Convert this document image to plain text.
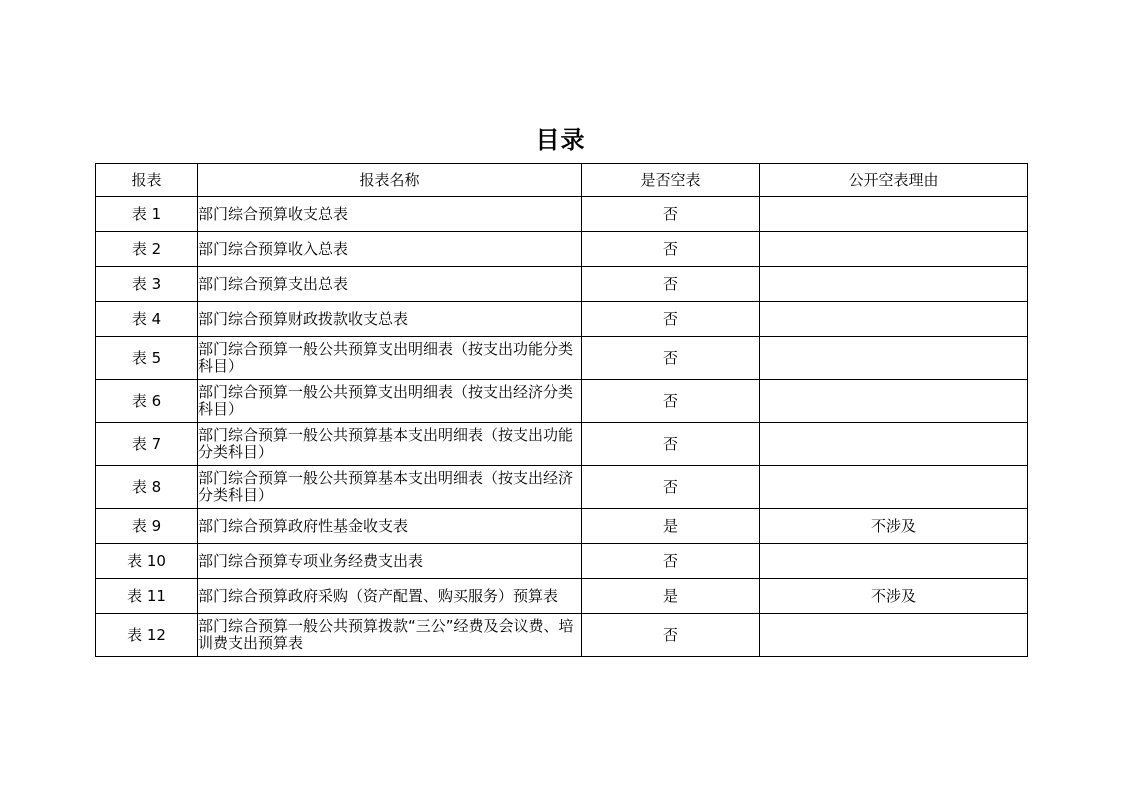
目录
报表	报表名称	是否空表	公开空表理由
表 1	部门综合预算收支总表	否	
表 2	部门综合预算收入总表	否	
表 3	部门综合预算支出总表	否	
表 4	部门综合预算财政拨款收支总表	否	
表 5	部门综合预算一般公共预算支出明细表（按支出功能分类科目）	否	
表 6	部门综合预算一般公共预算支出明细表（按支出经济分类科目）	否	
表 7	部门综合预算一般公共预算基本支出明细表（按支出功能分类科目）	否	
表 8	部门综合预算一般公共预算基本支出明细表（按支出经济分类科目）	否	
表 9	部门综合预算政府性基金收支表	是	不涉及
表 10	部门综合预算专项业务经费支出表	否	
表 11	部门综合预算政府采购（资产配置、购买服务）预算表	是	不涉及
表 12	部门综合预算一般公共预算拨款“三公”经费及会议费、培训费支出预算表	否	
